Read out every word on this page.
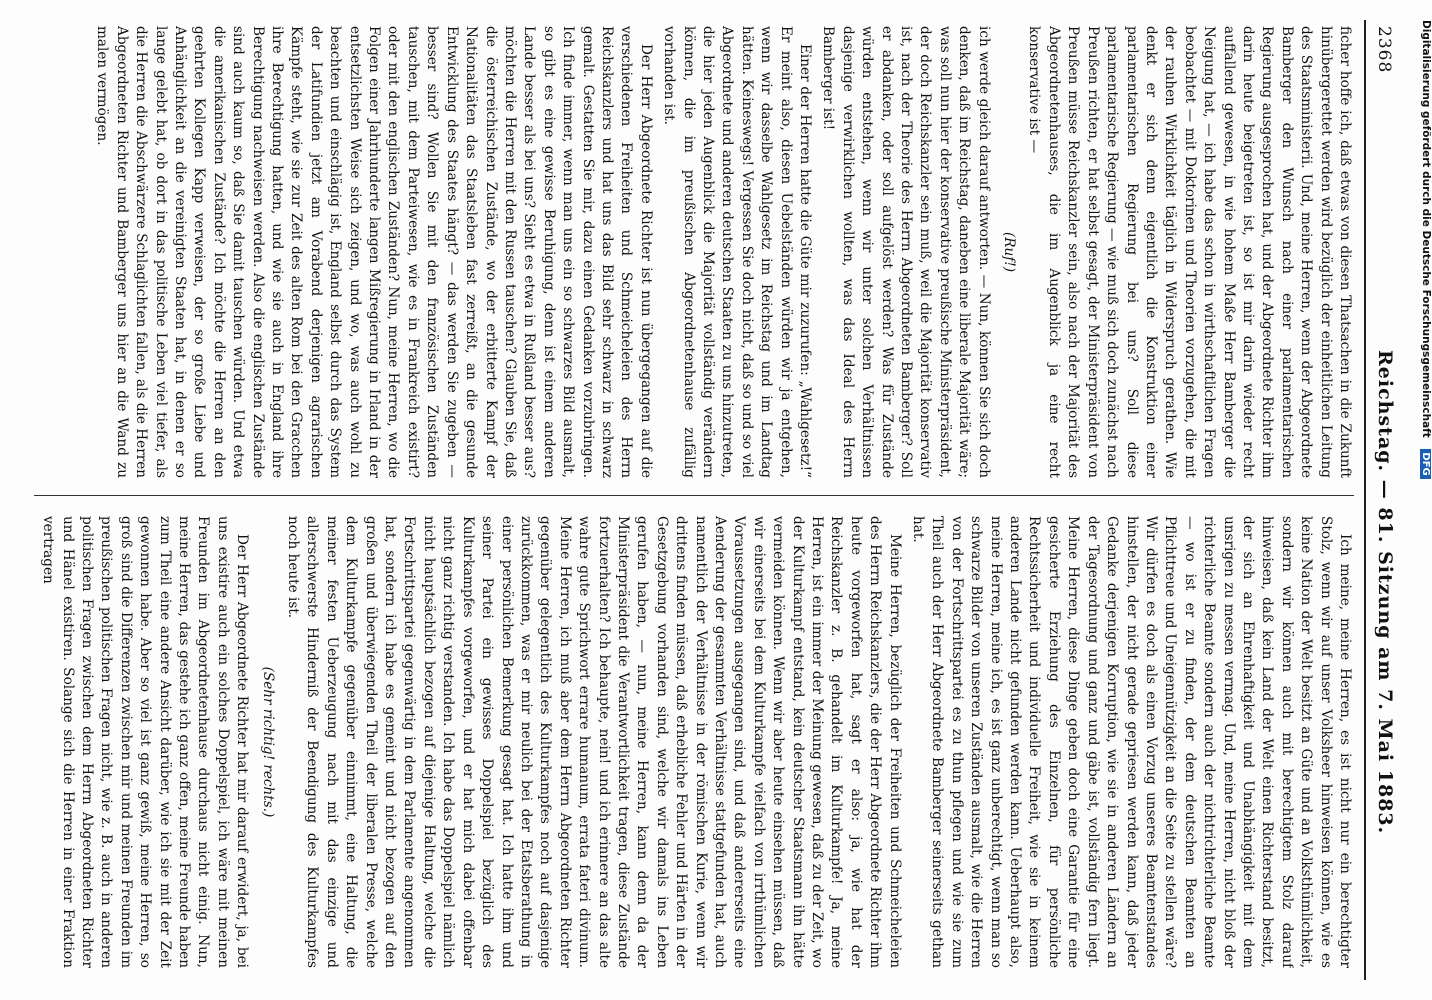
2368
Reichstag. — 81. Sitzung am 7. Mai 1883.

ficher hoffe ich, daß etwas von diesen Thatsachen in die Zukunft hinübergerettet werden wird bezüglich der einheitlichen Leitung des Staatsministerii. Und, meine Herren, wenn der Abgeordnete Bamberger den Wunsch nach einer parlamentarischen Regierung ausgesprochen hat, und der Abgeordnete Richter ihm darin heute beigetreten ist, so ist mir darin wieder recht auffallend gewesen, in wie hohem Maße Herr Bamberger die Neigung hat, — ich habe das schon in wirthschaftlichen Fragen beobachtet — mit Doktorinen und Theorien vorzugehen, die mit der rauhen Wirklichkeit täglich in Widerspruch gerathen. Wie denkt er sich denn eigentlich die Konstruktion einer parlamentarischen Regierung bei uns? Soll diese parlamentarische Regierung — wie muß sich doch zunächst nach Preußen richten, er hat selbst gesagt, der Ministerpräsident von Preußen müsse Reichskanzler sein, also nach der Majorität des Abgeordnetenhauses, die im Augenblick ja eine recht konservative ist —

(Ruf!)

ich werde gleich darauf antworten. — Nun, können Sie sich doch denken, daß im Reichstag, daneben eine liberale Majorität wäre; was soll nun hier der konservative preußische Ministerpräsident, der doch Reichskanzler sein muß, weil die Majorität konservativ ist, nach der Theorie des Herrn Abgeordneten Bamberger? Soll er abdanken, oder soll aufgelöst werden? Was für Zustände würden entstehen, wenn wir unter solchen Verhältnissen dasjenige verwirklichen wollten, was das Ideal des Herrn Bamberger ist!

Einer der Herren hatte die Güte mir zuzurufen: „Wahlgesetz!“ Er meint also, diesen Uebelständen würden wir ja entgehen, wenn wir dasselbe Wahlgesetz im Reichstag und im Landtag hätten. Keineswegs! Vergessen Sie doch nicht, daß so und so viel Abgeordnete und anderen deutschen Staaten zu uns hinzutreten, die hier jeden Augenblick die Majorität vollständig verändern können, die im preußischen Abgeordnetenhause zufällig vorhanden ist.

Der Herr Abgeordnete Richter ist nun übergegangen auf die verschiedenen Freiheiten und Schmeicheleien des Herrn Reichskanzlers und hat uns das Bild sehr schwarz in schwarz gemalt. Gestatten Sie mir, dazu einen Gedanken vorzubringen. Ich finde immer, wenn man uns ein so schwarzes Bild ausmalt, so gibt es eine gewisse Beruhigung, denn ist einem anderen Lande besser als bei uns? Sieht es etwa in Rußland besser aus? möchten die Herren mit den Russen tauschen? Glauben Sie, daß die österreichischen Zustände, wo der erbitterte Kampf der Nationalitäten das Staatsleben fast zerreißt, an die gesunde Entwicklung des Staates hängt? — das werden Sie zugeben — besser sind? Wollen Sie mit den französischen Zuständen tauschen, mit dem Parteiwesen, wie es in Frankreich existirt? oder mit den englischen Zuständen? Nun, meine Herren, wo die Folgen einer Jahrhunderte langen Mißregierung in Irland in der entsetzlichsten Weise sich zeigen, und wo, was auch wohl zu beachten und einschlägig ist, England selbst durch das System der Latifundien jetzt am Vorabend derjenigen agrarischen Kämpfe steht, wie sie zur Zeit des alten Rom bei den Gracchen ihre Berechtigung hatten, und wie sie auch in England ihre Berechtigung nachweisen werden. Also die englischen Zustände sind auch kaum so, daß Sie damit tauschen würden. Und etwa die amerikanischen Zustände? Ich möchte die Herren an den geehrten Kollegen Kapp verweisen, der so große Liebe und Anhänglichkeit an die vereinigten Staaten hat, in denen er so lange gelebt hat, ob dort in das politische Leben viel tiefer, als die Herren die Abschwärzere Schlaglichten fallen, als die Herren Abgeordneten Richter und Bamberger uns hier an die Wand zu malen vermögen.

Ich meine, meine Herren, es ist nicht nur ein berechtigter Stolz, wenn wir auf unser Volksheer hinweisen können, wie es keine Nation der Welt besitzt an Güte und an Volksthümlichkeit, sondern wir können auch mit berechtigtem Stolz darauf hinweisen, daß kein Land der Welt einen Richterstand besitzt, der sich an Ehrenhaftigkeit und Unabhängigkeit mit dem unsrigen zu messen vermag. Und, meine Herren, nicht bloß der richterliche Beamte sondern auch der nichtrichterliche Beamte — wo ist er zu finden, der dem deutschen Beamten an Pflichttreue und Uneigennützigkeit an die Seite zu stellen wäre? Wir dürfen es doch als einen Vorzug unseres Beamtenstandes hinstellen, der nicht gerade gepriesen werden kann, daß jeder Gedanke derjenigen Korruption, wie sie in anderen Ländern an der Tagesordnung und ganz und gäbe ist, vollständig fern liegt. Meine Herren, diese Dinge geben doch eine Garantie für eine gesicherte Erziehung des Einzelnen, für persönliche Rechtssicherheit und individuelle Freiheit, wie sie in keinem anderen Lande nicht gefunden werden kann. Ueberhaupt also, meine Herren, meine ich, es ist ganz unberechtigt, wenn man so schwarze Bilder von unseren Zuständen ausmalt, wie die Herren von der Fortschrittspartei es zu thun pflegen und wie sie zum Theil auch der Herr Abgeordnete Bamberger seinerseits gethan hat.

Meine Herren, bezüglich der Freiheiten und Schmeicheleien des Herrn Reichskanzlers, die der Herr Abgeordnete Richter ihm heute vorgeworfen hat, sagt er also: ja, wie hat der Reichskanzler z. B. gehandelt im Kulturkampfe! Ja, meine Herren, ist ein immer der Meinung gewesen, daß zu der Zeit, wo der Kulturkampf entstand, kein deutscher Staatsmann ihn hätte vermeiden können. Wenn wir aber heute einsehen müssen, daß wir einerseits bei dem Kulturkampfe vielfach von irrthümlichen Voraussetzungen ausgegangen sind, und daß andererseits eine Aenderung der gesammten Verhältnisse stattgefunden hat, auch namentlich der Verhältnisse in der römischen Kurie, wenn wir drittens finden müssen, daß erhebliche Fehler und Härten in der Gesetzgebung vorhanden sind, welche wir damals ins Leben gerufen haben, — nun, meine Herren, kann denn da der Ministerpräsident die Verantwortlichkeit tragen, diese Zustände fortzuerhalten? Ich behaupte, nein! und ich erinnere an das alte wahre gute Sprichwort errare humanum, errata fateri divinum. Meine Herren, ich muß aber dem Herrn Abgeordneten Richter gegenüber gelegentlich des Kulturkampfes noch auf dasjenige zurückkommen, was er mir neulich bei der Etatsberathung in einer persönlichen Bemerkung gesagt hat. Ich hatte ihm und seiner Partei ein gewisses Doppelspiel bezüglich des Kulturkampfes vorgeworfen, und er hat mich dabei offenbar nicht ganz richtig verstanden. Ich habe das Doppelspiel nämlich nicht hauptsächlich bezogen auf diejenige Haltung, welche die Fortschrittspartei gegenwärtig in dem Parlamente angenommen hat, sondern ich habe es gemeint und nicht bezogen auf den großen und überwiegenden Theil der liberalen Presse, welche dem Kulturkampfe gegenüber einnimmt, eine Haltung, die meiner festen Ueberzeugung nach mit das einzige und allerschwerste Hinderniß der Beendigung des Kulturkampfes noch heute ist.

(Sehr richtig! rechts.)

Der Herr Abgeordnete Richter hat mir darauf erwidert, ja, bei uns existire auch ein solches Doppelspiel, ich wäre mit meinen Freunden im Abgeordnetenhause durchaus nicht einig. Nun, meine Herren, das gestehe ich ganz offen, meine Freunde haben zum Theil eine andere Ansicht darüber, wie ich sie mit der Zeit gewonnen habe. Aber so viel ist ganz gewiß, meine Herren, so groß sind die Differenzen zwischen mir und meinen Freunden im preußischen politischen Fragen nicht, wie z. B. auch in anderen politischen Fragen zwischen dem Herrn Abgeordneten Richter und Hänel existiren. Solange sich die Herren in einer Fraktion vertragen

Digitalisierung gefördert durch die Deutsche Forschungsgemeinschaft DFG
